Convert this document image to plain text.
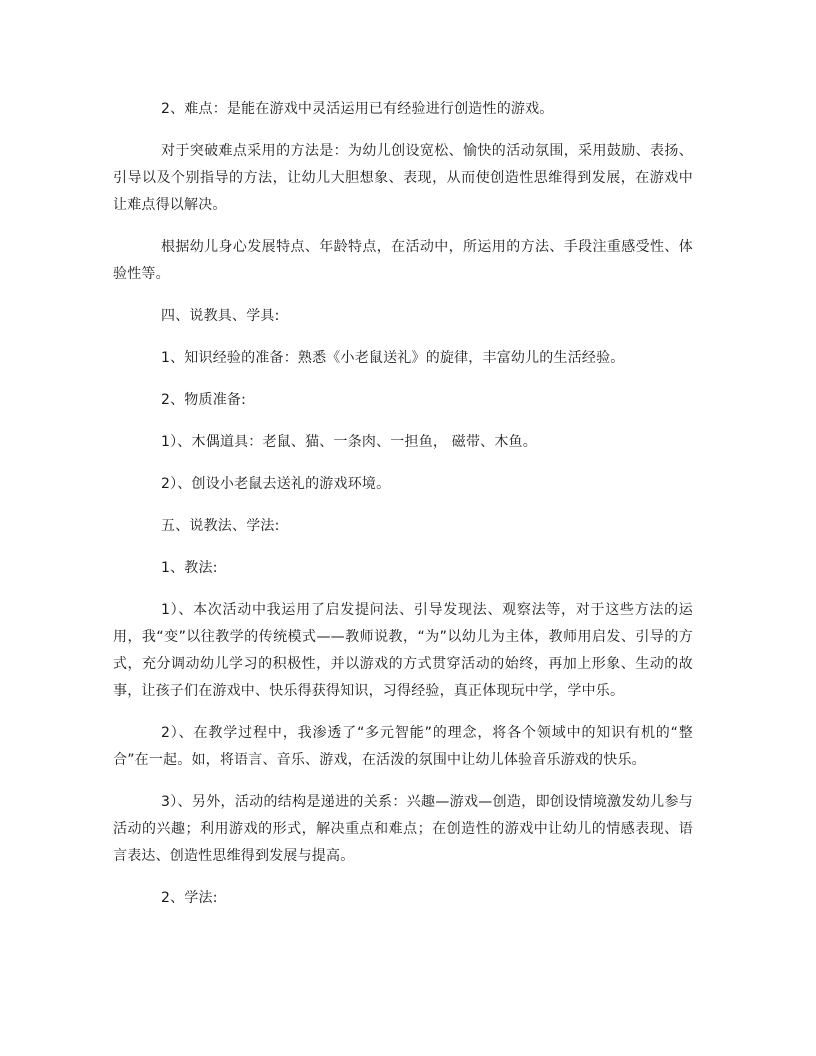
2、难点：是能在游戏中灵活运用已有经验进行创造性的游戏。

对于突破难点采用的方法是：为幼儿创设宽松、愉快的活动氛围，采用鼓励、表扬、引导以及个别指导的方法，让幼儿大胆想象、表现，从而使创造性思维得到发展，在游戏中让难点得以解决。

根据幼儿身心发展特点、年龄特点，在活动中，所运用的方法、手段注重感受性、体验性等。

四、说教具、学具:

1、知识经验的准备：熟悉《小老鼠送礼》的旋律，丰富幼儿的生活经验。

2、物质准备:

1）、木偶道具：老鼠、猫、一条肉、一担鱼， 磁带、木鱼。

2）、创设小老鼠去送礼的游戏环境。

五、说教法、学法:

1、教法:

1）、本次活动中我运用了启发提问法、引导发现法、观察法等，对于这些方法的运用，我“变”以往教学的传统模式——教师说教，“为”以幼儿为主体，教师用启发、引导的方式，充分调动幼儿学习的积极性，并以游戏的方式贯穿活动的始终，再加上形象、生动的故事，让孩子们在游戏中、快乐得获得知识，习得经验，真正体现玩中学，学中乐。

2）、在教学过程中，我渗透了“多元智能”的理念，将各个领域中的知识有机的“整合”在一起。如，将语言、音乐、游戏，在活泼的氛围中让幼儿体验音乐游戏的快乐。

3）、另外，活动的结构是递进的关系：兴趣—游戏—创造，即创设情境激发幼儿参与活动的兴趣；利用游戏的形式，解决重点和难点；在创造性的游戏中让幼儿的情感表现、语言表达、创造性思维得到发展与提高。

2、学法:
